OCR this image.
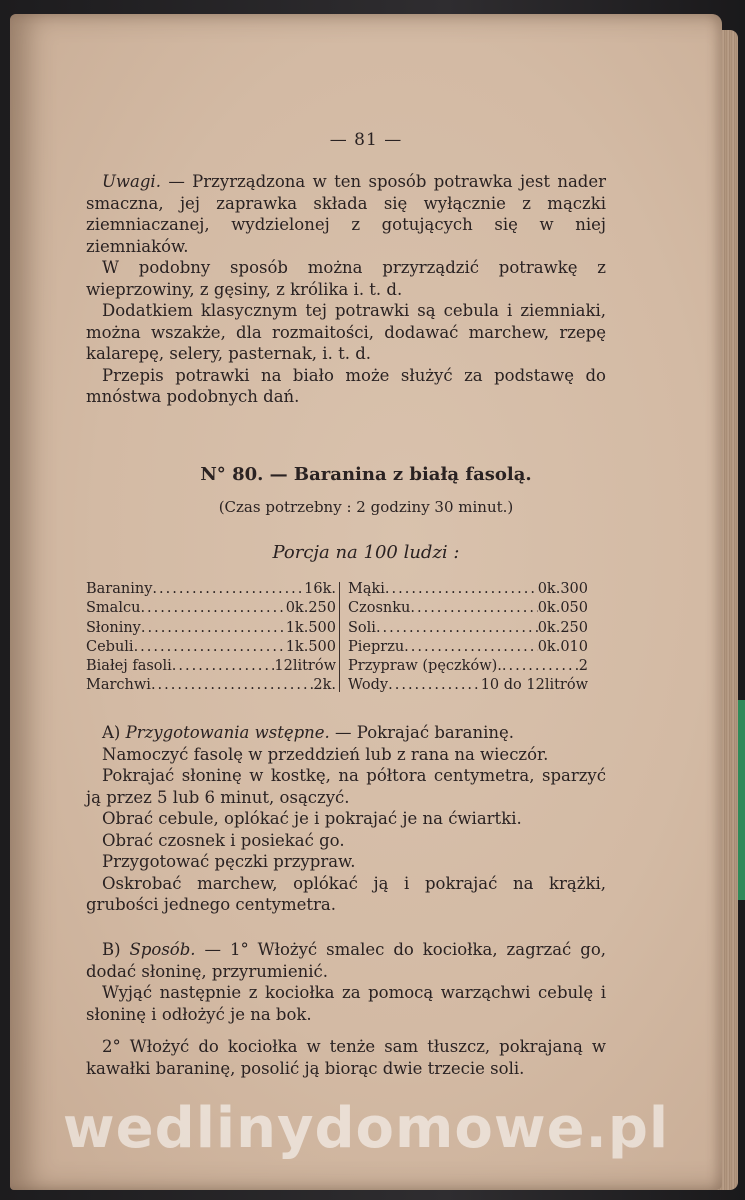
— 81 —

Uwagi. — Przyrządzona w ten sposób potrawka jest nader smaczna, jej zaprawka składa się wyłącznie z mączki ziemniaczanej, wydzielonej z gotujących się w niej ziemniaków.

W podobny sposób można przyrządzić potrawkę z wieprzowiny, z gęsiny, z królika i. t. d.

Dodatkiem klasycznym tej potrawki są cebula i ziemniaki, można wszakże, dla rozmaitości, dodawać marchew, rzepę kalarepę, selery, pasternak, i. t. d.

Przepis potrawki na biało może służyć za podstawę do mnóstwa podobnych dań.

N° 80. — Baranina z białą fasolą.
(Czas potrzebny : 2 godziny 30 minut.)
Porcja na 100 ludzi :
Baraniny .....	16k.
Smalcu .....	0k.250
Słoniny .....	1k.500
Cebuli .....	1k.500
Białej fasoli .....	12litrów
Marchwi .....	2k.
Mąki .....	0k.300
Czosnku .....	0k.050
Soli .....	0k.250
Pieprzu .....	0k.010
Przypraw (pęczków). .....	2
Wody .....	10 do 12litrów

A) Przygotowania wstępne. — Pokrajać baraninę.

Namoczyć fasolę w przeddzień lub z rana na wieczór.

Pokrajać słoninę w kostkę, na półtora centymetra, sparzyć ją przez 5 lub 6 minut, osączyć.

Obrać cebule, oplókać je i pokrajać je na ćwiartki.

Obrać czosnek i posiekać go.

Przygotować pęczki przypraw.

Oskrobać marchew, oplókać ją i pokrajać na krążki, grubości jednego centymetra.

B) Sposób. — 1° Włożyć smalec do kociołka, zagrzać go, dodać słoninę, przyrumienić.

Wyjąć następnie z kociołka za pomocą warząchwi cebulę i słoninę i odłożyć je na bok.

2° Włożyć do kociołka w tenże sam tłuszcz, pokrajaną w kawałki baraninę, posolić ją biorąc dwie trzecie soli.

wedlinydomowe.pl
